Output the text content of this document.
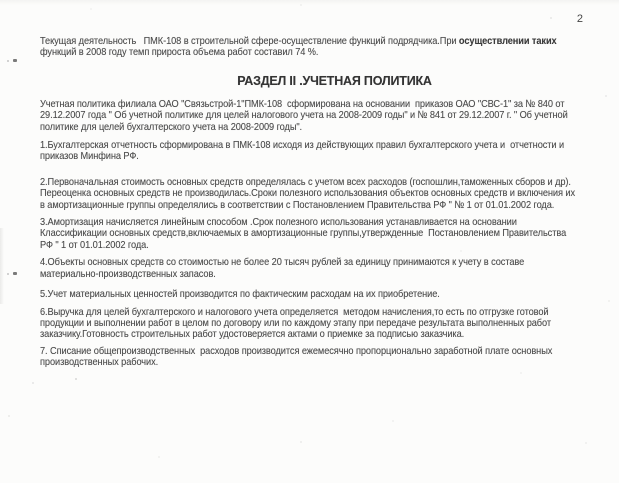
2
Текущая деятельность   ПМК-108 в строительной сфере-осуществление функций подрядчика.При осуществлении таких
функций в 2008 году темп прироста объема работ составил 74 %.
РАЗДЕЛ II .УЧЕТНАЯ ПОЛИТИКА
Учетная политика филиала ОАО "Связьстрой-1"ПМК-108  сформирована на основании  приказов ОАО "СВС-1" за № 840 от
29.12.2007 года " Об учетной политике для целей налогового учета на 2008-2009 годы" и № 841 от 29.12.2007 г. " Об учетной
политике для целей бухгалтерского учета на 2008-2009 годы".
1.Бухгалтерская отчетность сформирована в ПМК-108 исходя из действующих правил бухгалтерского учета и  отчетности и
приказов Минфина РФ.
2.Первоначальная стоимость основных средств определялась с учетом всех расходов (госпошлин,таможенных сборов и др).
Переоценка основных средств не производилась.Сроки полезного использования объектов основных средств и включения их
в амортизационные группы определялись в соответствии с Постановлением Правительства РФ " № 1 от 01.01.2002 года.
3.Амортизация начисляется линейным способом .Срок полезного использования устанавливается на основании
Классификации основных средств,включаемых в амортизационные группы,утвержденные  Постановлением Правительства
РФ " 1 от 01.01.2002 года.
4.Объекты основных средств со стоимостью не более 20 тысяч рублей за единицу принимаются к учету в составе
материально-производственных запасов.
5.Учет материальных ценностей производится по фактическим расходам на их приобретение.
6.Выручка для целей бухгалтерского и налогового учета определяется  методом начисления,то есть по отгрузке готовой
продукции и выполнении работ в целом по договору или по каждому этапу при передаче результата выполненных работ
заказчику.Готовность строительных работ удостоверяется актами о приемке за подписью заказчика.
7. Списание общепроизводственных  расходов производится ежемесячно пропорционально заработной плате основных
производственных рабочих.
